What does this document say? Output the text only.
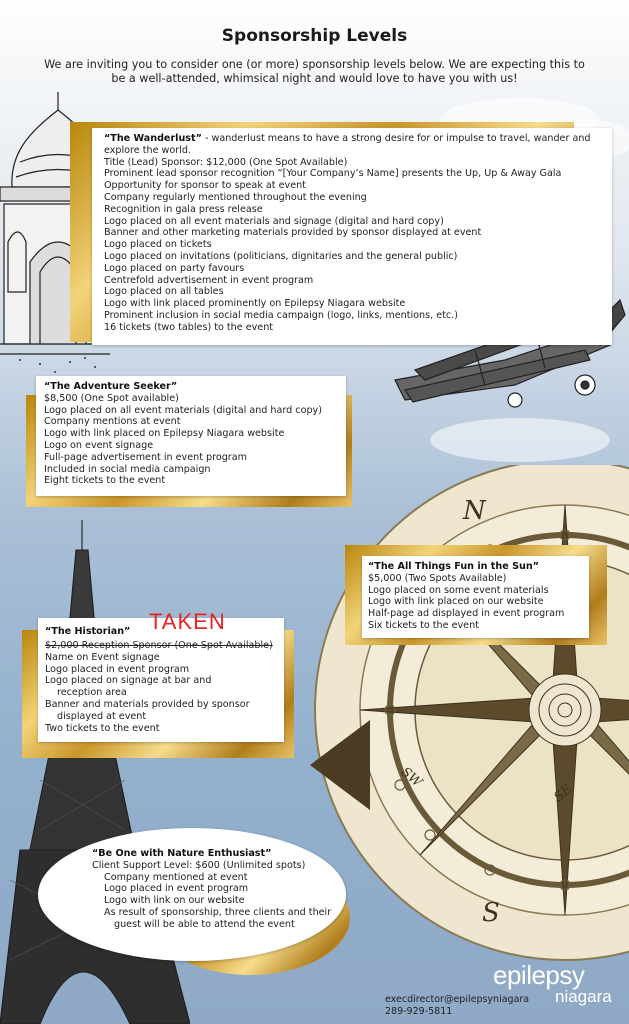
N
S
SW
SE
Sponsorship Levels
We are inviting you to consider one (or more) sponsorship levels below. We are expecting this to be a well-attended, whimsical night and would love to have you with us!
“The Wanderlust” - wanderlust means to have a strong desire for or impulse to travel, wander and explore the world.
Title (Lead) Sponsor: $12,000 (One Spot Available)
Prominent lead sponsor recognition “[Your Company’s Name] presents the Up, Up & Away Gala
Opportunity for sponsor to speak at event
Company regularly mentioned throughout the evening
Recognition in gala press release
Logo placed on all event materials and signage (digital and hard copy)
Banner and other marketing materials provided by sponsor displayed at event
Logo placed on tickets
Logo placed on invitations (politicians, dignitaries and the general public)
Logo placed on party favours
Centrefold advertisement in event program
Logo placed on all tables
Logo with link placed prominently on Epilepsy Niagara website
Prominent inclusion in social media campaign (logo, links, mentions, etc.)
16 tickets (two tables) to the event
“The Adventure Seeker”
$8,500 (One Spot available)
Logo placed on all event materials (digital and hard copy)
Company mentions at event
Logo with link placed on Epilepsy Niagara website
Logo on event signage
Full-page advertisement in event program
Included in social media campaign
Eight tickets to the event
“The All Things Fun in the Sun”
$5,000 (Two Spots Available)
Logo placed on some event materials
Logo with link placed on our website
Half-page ad displayed in event program
Six tickets to the event
“The Historian” TAKEN
$2,000 Reception Sponsor (One Spot Available)
Name on Event signage
Logo placed in event program
Logo placed on signage at bar and
reception area
Banner and materials provided by sponsor
displayed at event
Two tickets to the event
“Be One with Nature Enthusiast”
Client Support Level: $600 (Unlimited spots)
Company mentioned at event
Logo placed in event program
Logo with link on our website
As result of sponsorship, three clients and their
guest will be able to attend the event
epilepsy
niagara
execdirector@epilepsyniagara
289-929-5811
